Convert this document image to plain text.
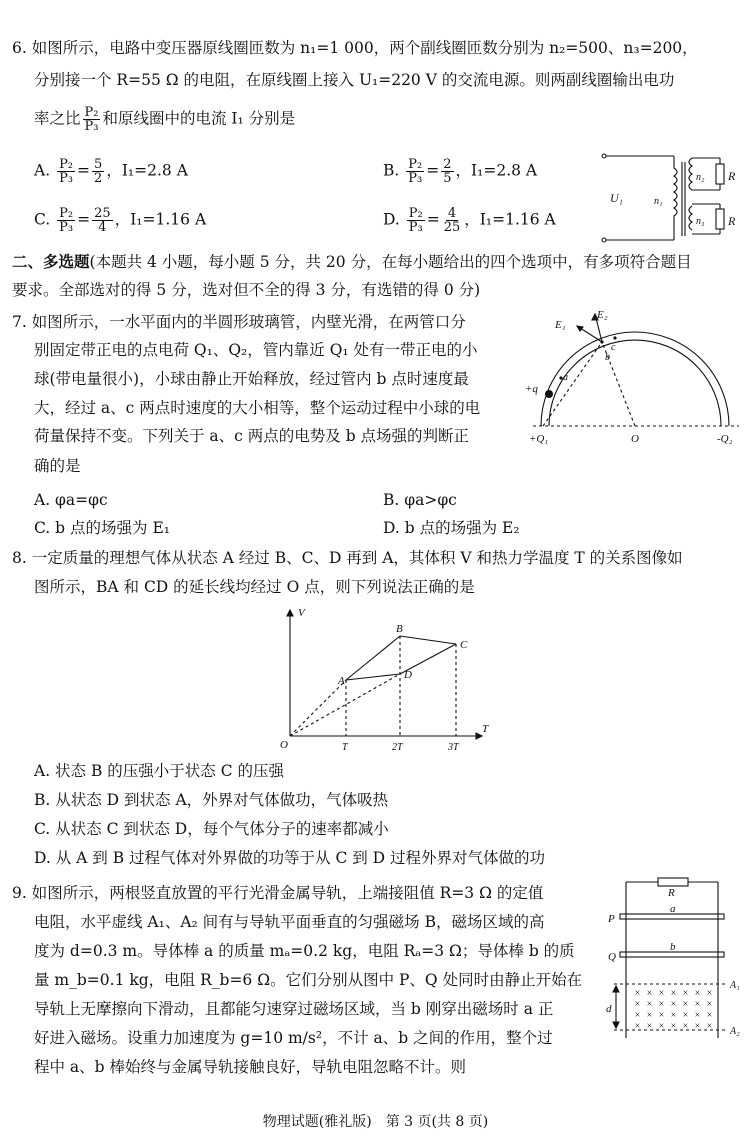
6. 如图所示，电路中变压器原线圈匝数为 n₁=1 000，两个副线圈匝数分别为 n₂=500、n₃=200，
分别接一个 R=55 Ω 的电阻，在原线圈上接入 U₁=220 V 的交流电源。则两副线圈输出电功
率之比 $\frac{\text{P₂}}{\text{P₃}}$ 和原线圈中的电流 I₁ 分别是
A. $\frac{\text{P₂}}{\text{P₃}} = \frac{5}{2}$ ，I₁=2.8 A	B. $\frac{\text{P₂}}{\text{P₃}} = \frac{2}{5}$ ，I₁=2.8 A
C. $\frac{\text{P₂}}{\text{P₃}} = \frac{25}{4}$ ，I₁=1.16 A	D. $\frac{\text{P₂}}{\text{P₃}} = \frac{4}{25}$ ，I₁=1.16 A
U₁	n₁
n₂
n₃
R
R
二、多选题(本题共 4 小题，每小题 5 分，共 20 分，在每小题给出的四个选项中，有多项符合题目
要求。全部选对的得 5 分，选对但不全的得 3 分，有选错的得 0 分)
7. 如图所示，一水平面内的半圆形玻璃管，内壁光滑，在两管口分
别固定带正电的点电荷 Q₁、Q₂，管内靠近 Q₁ 处有一带正电的小
球(带电量很小)，小球由静止开始释放，经过管内 b 点时速度最
大，经过 a、c 两点时速度的大小相等，整个运动过程中小球的电
荷量保持不变。下列关于 a、c 两点的电势及 b 点场强的判断正
确的是
A. φa=φc	B. φa>φc
C. b 点的场强为 E₁	D. b 点的场强为 E₂
E₁
E₂
+q
a
b
c
+Q₁	O	-Q₂
8. 一定质量的理想气体从状态 A 经过 B、C、D 再到 A，其体积 V 和热力学温度 T 的关系图像如
图所示，BA 和 CD 的延长线均经过 O 点，则下列说法正确的是
V
T
O
A
B
C
D
T	2T	3T
A. 状态 B 的压强小于状态 C 的压强
B. 从状态 D 到状态 A，外界对气体做功，气体吸热
C. 从状态 C 到状态 D，每个气体分子的速率都减小
D. 从 A 到 B 过程气体对外界做的功等于从 C 到 D 过程外界对气体做的功
9. 如图所示，两根竖直放置的平行光滑金属导轨，上端接阻值 R=3 Ω 的定值
电阻，水平虚线 A₁、A₂ 间有与导轨平面垂直的匀强磁场 B，磁场区域的高
度为 d=0.3 m。导体棒 a 的质量 mₐ=0.2 kg，电阻 Rₐ=3 Ω；导体棒 b 的质
量 m_b=0.1 kg，电阻 R_b=6 Ω。它们分别从图中 P、Q 处同时由静止开始在
导轨上无摩擦向下滑动，且都能匀速穿过磁场区域，当 b 刚穿出磁场时 a 正
好进入磁场。设重力加速度为 g=10 m/s²，不计 a、b 之间的作用，整个过
程中 a、b 棒始终与金属导轨接触良好，导轨电阻忽略不计。则
× × × × × × ×
× × × × × × ×
× × × × × × ×
× × × × × × ×
R
P
a
Q
b
A₁
A₂
d
物理试题(雅礼版)　第 3 页(共 8 页)
